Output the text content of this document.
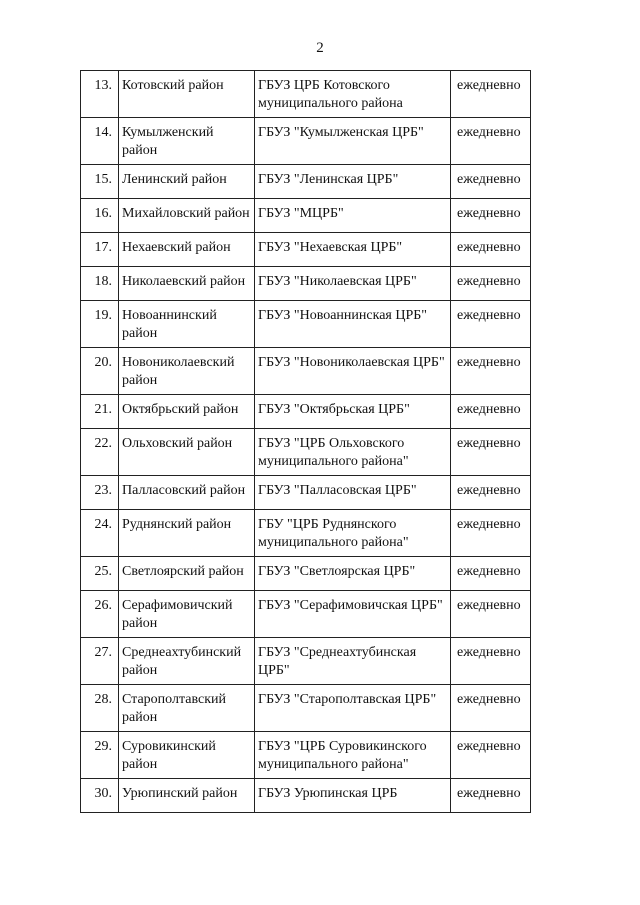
2
13.	Котовский район	ГБУЗ ЦРБ Котовского муниципального района	ежедневно
14.	Кумылженский район	ГБУЗ "Кумылженская ЦРБ"	ежедневно
15.	Ленинский район	ГБУЗ "Ленинская ЦРБ"	ежедневно
16.	Михайловский район	ГБУЗ "МЦРБ"	ежедневно
17.	Нехаевский район	ГБУЗ "Нехаевская ЦРБ"	ежедневно
18.	Николаевский район	ГБУЗ "Николаевская ЦРБ"	ежедневно
19.	Новоаннинский район	ГБУЗ "Новоаннинская ЦРБ"	ежедневно
20.	Новониколаевский район	ГБУЗ "Новониколаевская ЦРБ"	ежедневно
21.	Октябрьский район	ГБУЗ "Октябрьская ЦРБ"	ежедневно
22.	Ольховский район	ГБУЗ "ЦРБ Ольховского муниципального района"	ежедневно
23.	Палласовский район	ГБУЗ "Палласовская ЦРБ"	ежедневно
24.	Руднянский район	ГБУ "ЦРБ Руднянского муниципального района"	ежедневно
25.	Светлоярский район	ГБУЗ "Светлоярская ЦРБ"	ежедневно
26.	Серафимовичский район	ГБУЗ "Серафимовичская ЦРБ"	ежедневно
27.	Среднеахтубинский район	ГБУЗ "Среднеахтубинская ЦРБ"	ежедневно
28.	Старополтавский район	ГБУЗ "Старополтавская ЦРБ"	ежедневно
29.	Суровикинский район	ГБУЗ "ЦРБ Суровикинского муниципального района"	ежедневно
30.	Урюпинский район	ГБУЗ Урюпинская ЦРБ	ежедневно
